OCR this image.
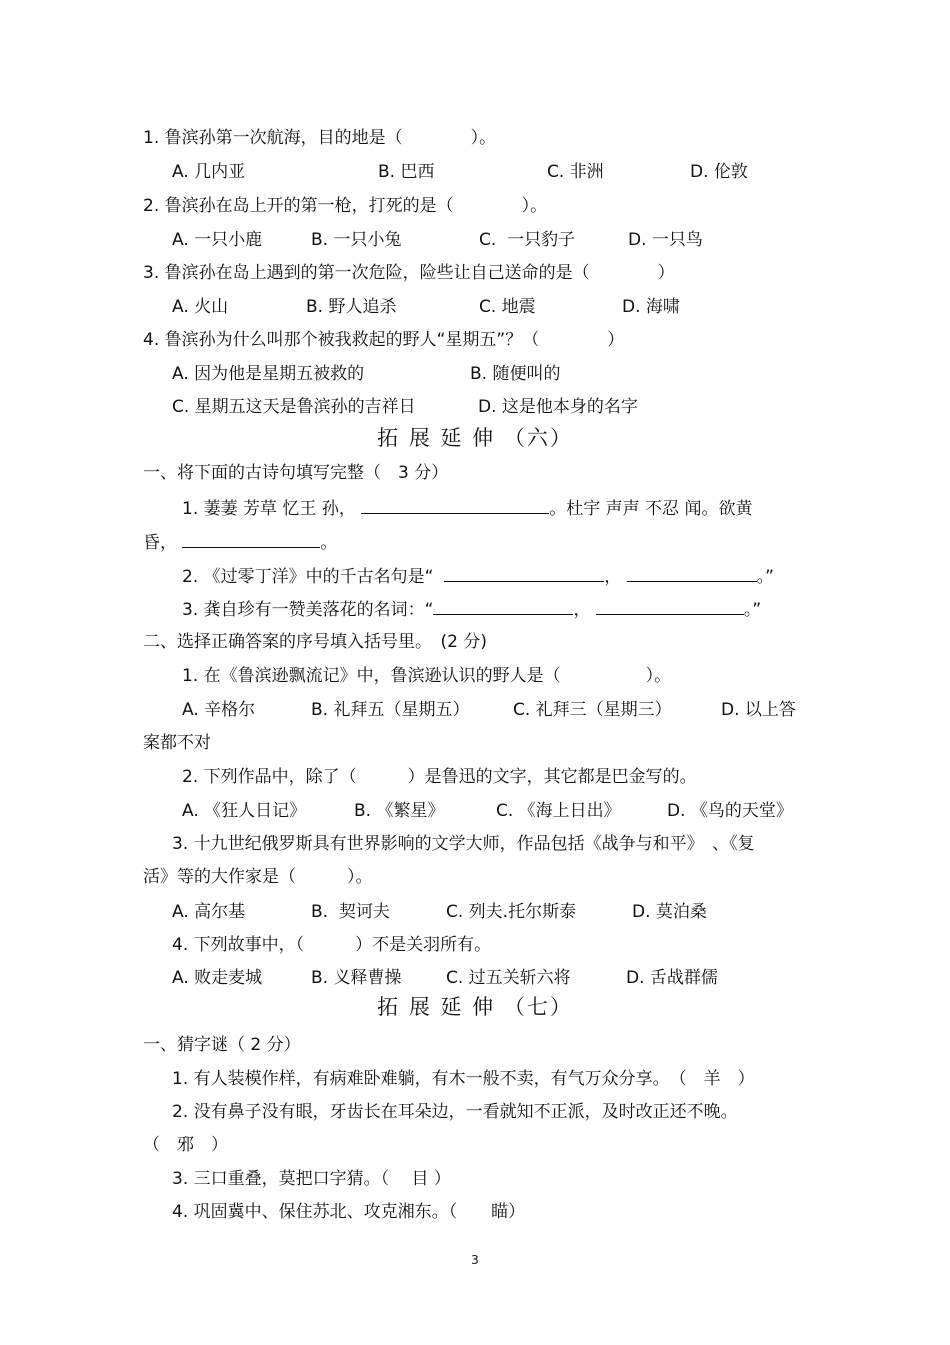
1. 鲁滨孙第一次航海，目的地是（　　　　）。
A. 几内亚	B. 巴西	C. 非洲	D. 伦敦
2. 鲁滨孙在岛上开的第一枪，打死的是（　　　　）。
A. 一只小鹿	B. 一只小兔	C.  一只豹子	D. 一只鸟
3. 鲁滨孙在岛上遇到的第一次危险，险些让自己送命的是（　　　　）
A. 火山	B. 野人追杀	C. 地震	D. 海啸
4. 鲁滨孙为什么叫那个被我救起的野人“星期五”？（　　　　）
A. 因为他是星期五被救的	B. 随便叫的
C. 星期五这天是鲁滨孙的吉祥日	D. 这是他本身的名字
拓 展 延 伸 （六）
一、将下面的古诗句填写完整（　3 分）
1. 萋萋 芳草 忆王 孙，	。杜宇 声声 不忍 闻。欲黄
昏，	。
2. 《过零丁洋》中的千古名句是“	，	。”
3. 龚自珍有一赞美落花的名词：“	，	。”
二、选择正确答案的序号填入括号里。　(2 分)
1. 在《鲁滨逊飘流记》中，鲁滨逊认识的野人是（　　　　　）。
A. 辛格尔	B. 礼拜五（星期五）	C. 礼拜三（星期三）	D. 以上答
案都不对
2. 下列作品中，除了（　　　）是鲁迅的文字，其它都是巴金写的。
A. 《狂人日记》	B. 《繁星》	C. 《海上日出》	D. 《鸟的天堂》
3. 十九世纪俄罗斯具有世界影响的文学大师，作品包括《战争与和平》　、《复
活》等的大作家是（　　　）。
A. 高尔基	B.  契诃夫	C. 列夫.托尔斯泰	D. 莫泊桑
4. 下列故事中，（　　　）不是关羽所有。
A. 败走麦城	B. 义释曹操	C. 过五关斩六将	D. 舌战群儒
拓 展 延 伸 （七）
一、猜字谜（ 2 分）
1. 有人装模作样，有病难卧难躺，有木一般不卖，有气万众分享。　（　羊　）
2. 没有鼻子没有眼，牙齿长在耳朵边，一看就知不正派，及时改正还不晚。
（　邪　）
3. 三口重叠，莫把口字猜。（　 目 ）
4. 巩固冀中、保住苏北、攻克湘东。（　　瞄）
3
